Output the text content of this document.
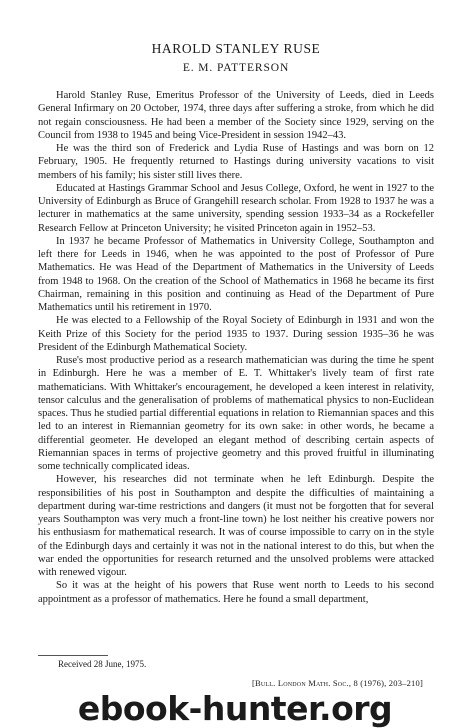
HAROLD STANLEY RUSE
E. M. PATTERSON

Harold Stanley Ruse, Emeritus Professor of the University of Leeds, died in Leeds General Infirmary on 20 October, 1974, three days after suffering a stroke, from which he did not regain consciousness. He had been a member of the Society since 1929, serving on the Council from 1938 to 1945 and being Vice-President in session 1942–43.

He was the third son of Frederick and Lydia Ruse of Hastings and was born on 12 February, 1905. He frequently returned to Hastings during university vacations to visit members of his family; his sister still lives there.

Educated at Hastings Grammar School and Jesus College, Oxford, he went in 1927 to the University of Edinburgh as Bruce of Grangehill research scholar. From 1928 to 1937 he was a lecturer in mathematics at the same university, spending session 1933–34 as a Rockefeller Research Fellow at Princeton University; he visited Princeton again in 1952–53.

In 1937 he became Professor of Mathematics in University College, Southampton and left there for Leeds in 1946, when he was appointed to the post of Professor of Pure Mathematics. He was Head of the Department of Mathematics in the University of Leeds from 1948 to 1968. On the creation of the School of Mathematics in 1968 he became its first Chairman, remaining in this position and continuing as Head of the Department of Pure Mathematics until his retirement in 1970.

He was elected to a Fellowship of the Royal Society of Edinburgh in 1931 and won the Keith Prize of this Society for the period 1935 to 1937. During session 1935–36 he was President of the Edinburgh Mathematical Society.

Ruse's most productive period as a research mathematician was during the time he spent in Edinburgh. Here he was a member of E. T. Whittaker's lively team of first rate mathematicians. With Whittaker's encouragement, he developed a keen interest in relativity, tensor calculus and the generalisation of problems of mathematical physics to non-Euclidean spaces. Thus he studied partial differential equations in relation to Riemannian spaces and this led to an interest in Riemannian geometry for its own sake: in other words, he became a differential geometer. He developed an elegant method of describing certain aspects of Riemannian spaces in terms of projective geometry and this proved fruitful in illuminating some technically complicated ideas.

However, his researches did not terminate when he left Edinburgh. Despite the responsibilities of his post in Southampton and despite the difficulties of maintaining a department during war-time restrictions and dangers (it must not be forgotten that for several years Southampton was very much a front-line town) he lost neither his creative powers nor his enthusiasm for mathematical research. It was of course impossible to carry on in the style of the Edinburgh days and certainly it was not in the national interest to do this, but when the war ended the opportunities for research returned and the unsolved problems were attacked with renewed vigour.

So it was at the height of his powers that Ruse went north to Leeds to his second appointment as a professor of mathematics. Here he found a small department,

Received 28 June, 1975.
[Bull. London Math. Soc., 8 (1976), 203–210]
ebook-hunter.org
